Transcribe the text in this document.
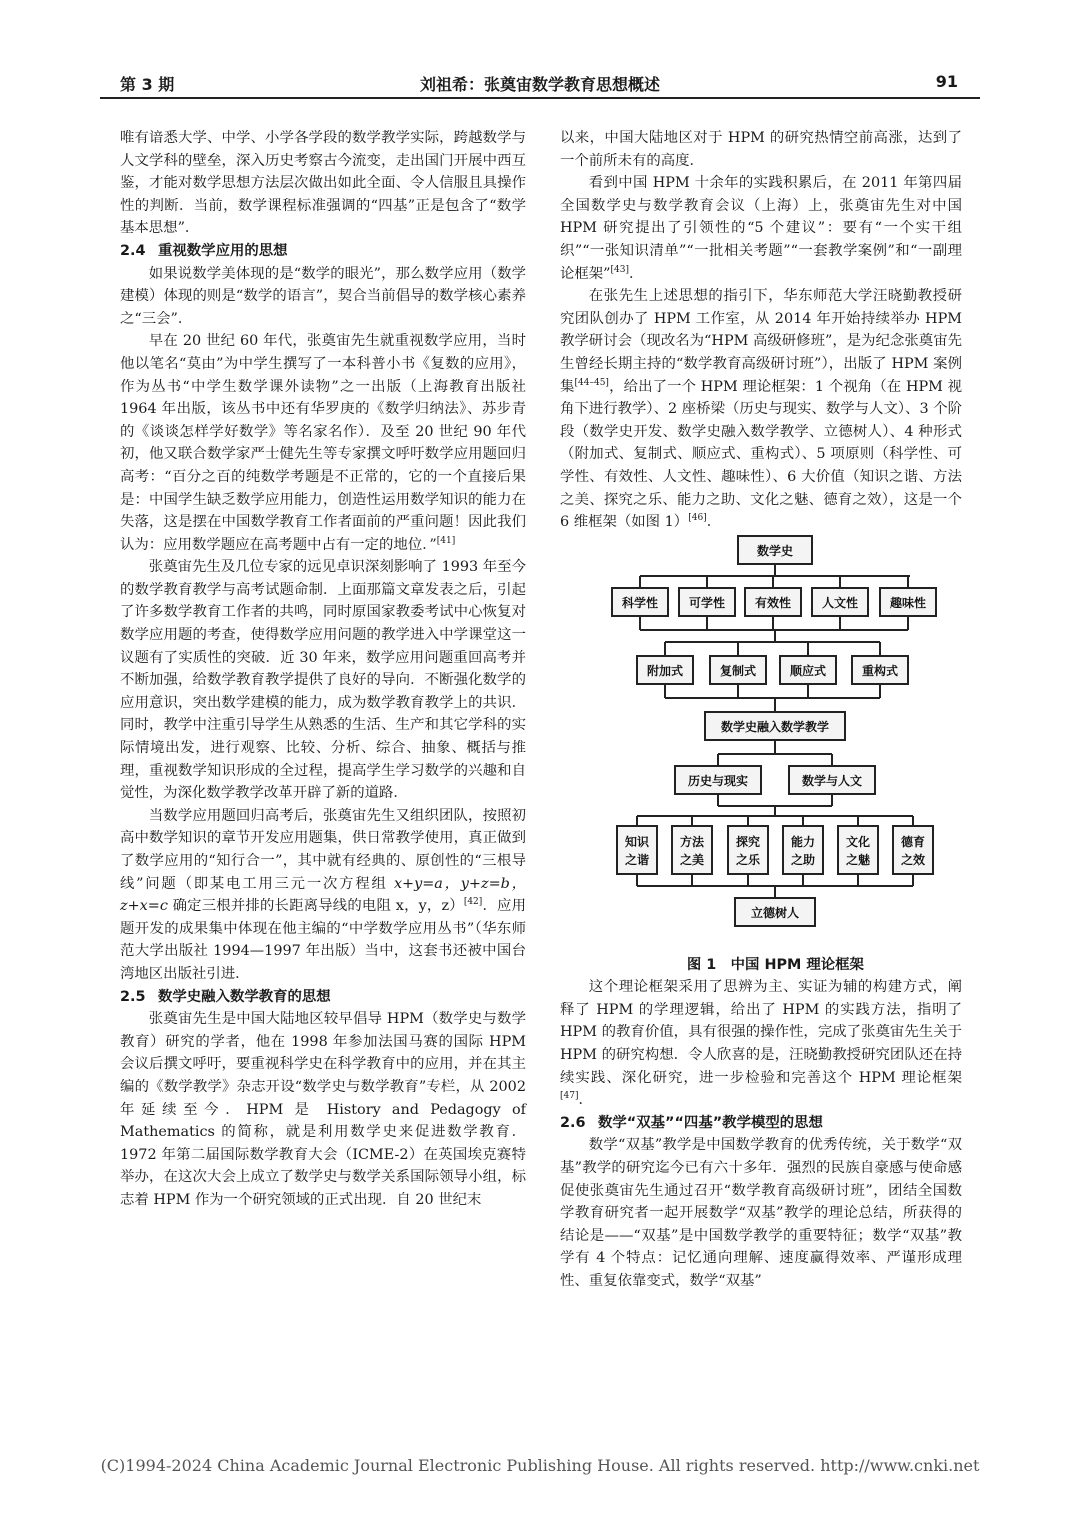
第 3 期	刘祖希：张奠宙数学教育思想概述	91

唯有谙悉大学、中学、小学各学段的数学教学实际，跨越数学与人文学科的壁垒，深入历史考察古今流变，走出国门开展中西互鉴，才能对数学思想方法层次做出如此全面、令人信服且具操作性的判断．当前，数学课程标准强调的“四基”正是包含了“数学基本思想”．

2.4 重视数学应用的思想

如果说数学美体现的是“数学的眼光”，那么数学应用（数学建模）体现的则是“数学的语言”，契合当前倡导的数学核心素养之“三会”．

早在 20 世纪 60 年代，张奠宙先生就重视数学应用，当时他以笔名“莫由”为中学生撰写了一本科普小书《复数的应用》，作为丛书“中学生数学课外读物”之一出版（上海教育出版社 1964 年出版，该丛书中还有华罗庚的《数学归纳法》、苏步青的《谈谈怎样学好数学》等名家名作）．及至 20 世纪 90 年代初，他又联合数学家严士健先生等专家撰文呼吁数学应用题回归高考：“百分之百的纯数学考题是不正常的，它的一个直接后果是：中国学生缺乏数学应用能力，创造性运用数学知识的能力在失落，这是摆在中国数学教育工作者面前的严重问题！因此我们认为：应用数学题应在高考题中占有一定的地位．”[41]

张奠宙先生及几位专家的远见卓识深刻影响了 1993 年至今的数学教育教学与高考试题命制．上面那篇文章发表之后，引起了许多数学教育工作者的共鸣，同时原国家教委考试中心恢复对数学应用题的考查，使得数学应用问题的教学进入中学课堂这一议题有了实质性的突破．近 30 年来，数学应用问题重回高考并不断加强，给数学教育教学提供了良好的导向．不断强化数学的应用意识，突出数学建模的能力，成为数学教育教学上的共识．同时，教学中注重引导学生从熟悉的生活、生产和其它学科的实际情境出发，进行观察、比较、分析、综合、抽象、概括与推理，重视数学知识形成的全过程，提高学生学习数学的兴趣和自觉性，为深化数学教学改革开辟了新的道路．

当数学应用题回归高考后，张奠宙先生又组织团队，按照初高中数学知识的章节开发应用题集，供日常教学使用，真正做到了数学应用的“知行合一”，其中就有经典的、原创性的“三根导线”问题（即某电工用三元一次方程组 x+y=a，y+z=b，z+x=c 确定三根并排的长距离导线的电阻 x，y，z）[42]．应用题开发的成果集中体现在他主编的“中学数学应用丛书”（华东师范大学出版社 1994—1997 年出版）当中，这套书还被中国台湾地区出版社引进．

2.5 数学史融入数学教育的思想

张奠宙先生是中国大陆地区较早倡导 HPM（数学史与数学教育）研究的学者，他在 1998 年参加法国马赛的国际 HPM 会议后撰文呼吁，要重视科学史在科学教育中的应用，并在其主编的《数学教学》杂志开设“数学史与数学教育”专栏，从 2002 年延续至今．HPM 是 History and Pedagogy of Mathematics 的简称，就是利用数学史来促进数学教育．1972 年第二届国际数学教育大会（ICME-2）在英国埃克赛特举办，在这次大会上成立了数学史与数学关系国际领导小组，标志着 HPM 作为一个研究领域的正式出现．自 20 世纪末

以来，中国大陆地区对于 HPM 的研究热情空前高涨，达到了一个前所未有的高度．

看到中国 HPM 十余年的实践积累后，在 2011 年第四届全国数学史与数学教育会议（上海）上，张奠宙先生对中国 HPM 研究提出了引领性的“5 个建议”：要有“一个实干组织”“一张知识清单”“一批相关考题”“一套教学案例”和“一副理论框架”[43]．

在张先生上述思想的指引下，华东师范大学汪晓勤教授研究团队创办了 HPM 工作室，从 2014 年开始持续举办 HPM 教学研讨会（现改名为“HPM 高级研修班”，是为纪念张奠宙先生曾经长期主持的“数学教育高级研讨班”），出版了 HPM 案例集[44–45]，给出了一个 HPM 理论框架：1 个视角（在 HPM 视角下进行教学）、2 座桥梁（历史与现实、数学与人文）、3 个阶段（数学史开发、数学史融入数学教学、立德树人）、4 种形式（附加式、复制式、顺应式、重构式）、5 项原则（科学性、可学性、有效性、人文性、趣味性）、6 大价值（知识之谐、方法之美、探究之乐、能力之助、文化之魅、德育之效），这是一个 6 维框架（如图 1）[46]．

数学史
科学性	可学性 有效性	人文性	趣味性
附加式	复制式	顺应式	重构式
数学史融入数学教学
历史与现实	数学与人文
知识
之谐
方法
之美
探究
之乐
能力
之助
文化
之魅
德育
之效
立德树人

图 1　中国 HPM 理论框架

这个理论框架采用了思辨为主、实证为辅的构建方式，阐释了 HPM 的学理逻辑，给出了 HPM 的实践方法，指明了 HPM 的教育价值，具有很强的操作性，完成了张奠宙先生关于 HPM 的研究构想．令人欣喜的是，汪晓勤教授研究团队还在持续实践、深化研究，进一步检验和完善这个 HPM 理论框架[47]．

2.6 数学“双基”“四基”教学模型的思想

数学“双基”教学是中国数学教育的优秀传统，关于数学“双基”教学的研究迄今已有六十多年．强烈的民族自豪感与使命感促使张奠宙先生通过召开“数学教育高级研讨班”，团结全国数学教育研究者一起开展数学“双基”教学的理论总结，所获得的结论是——“双基”是中国数学教学的重要特征；数学“双基”教学有 4 个特点：记忆通向理解、速度赢得效率、严谨形成理性、重复依靠变式，数学“双基”

(C)1994-2024 China Academic Journal Electronic Publishing House. All rights reserved. http://www.cnki.net
